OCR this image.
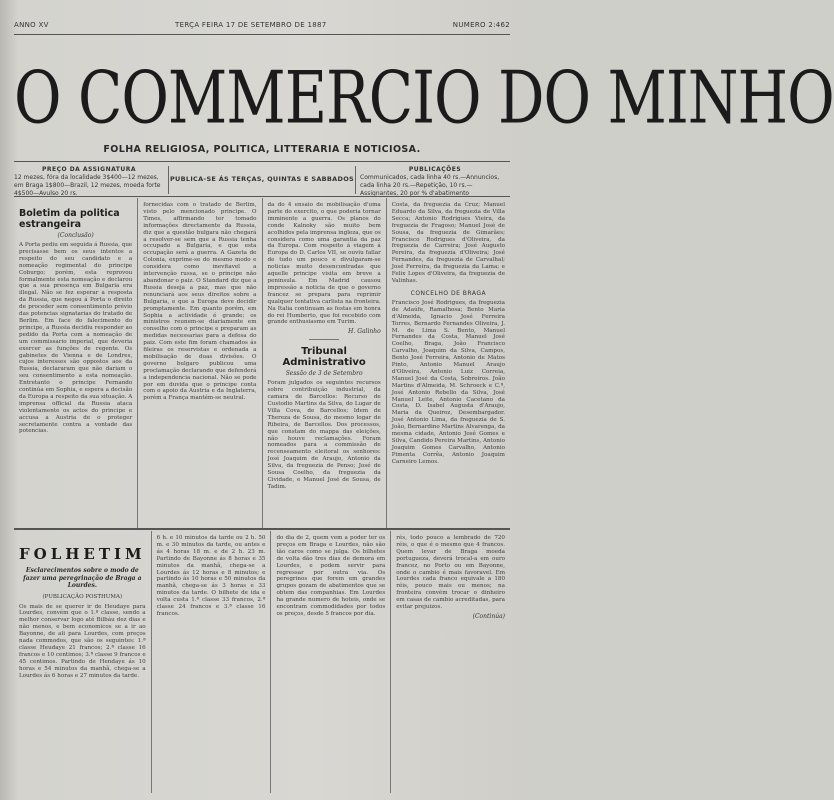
ANNO XV	TERÇA FEIRA 17 DE SETEMBRO DE 1887	NUMERO 2:462
O COMMERCIO DO MINHO
FOLHA RELIGIOSA, POLITICA, LITTERARIA E NOTICIOSA.
PREÇO DA ASSIGNATURA
12 mezes, fóra da localidade 3$400—12 mezes, em Braga 1$800—Brazil, 12 mezes, moeda forte 4$500—Avulso 20 rs.
PUBLICA-SE ÁS TERÇAS, QUINTAS E SABBADOS
PUBLICAÇÕES
Communicados, cada linha 40 rs.—Annuncios, cada linha 20 rs.—Repetição, 10 rs.—Assignantes, 20 por % d'abatimento
Boletim da politica estrangeira
(Conclusão)
A Porta pediu em seguida á Russia, que precisasse bem os seus intentos a respeito do seu candidato e a nomeação regimental do principe Coburgo; porém, esta reprovou formalmente esta nomeação e declarou que a sua presença em Bulgaria era illegal. Não se fez esperar a resposta da Russia, que negou á Porta o direito de proceder sem consentimento prévio das potencias signatarias do tratado de Berlim. Em face do falecimento do principe, a Russia decidiu responder ao pedido da Porta com a nomeação de um commissario imperial, que deveria exercer as funções de regente. Os gabinetes de Vienna e de Londres, cujos interesses são oppostos aos da Russia, declararam que não dariam o seu consentimento a esta nomeação. Entretanto o principe Fernando continúa em Sophia, e espera a decisão da Europa a respeito da sua situação. A imprensa official da Russia ataca violentamente os actos do principe e accusa a Austria de o proteger secretamente contra a vontade das potencias.
fornecidas com o tratado de Berlim, visto pelo mencionado principe. O Times, affirmando ter tomado informações directamente da Russia, diz que a questão bulgara não chegará a resolver-se sem que a Russia tenha occupado a Bulgaria, e que esta occupação será a guerra. A Gazeta de Colonia, exprime-se do mesmo modo e considera como inevitavel a intervenção russa, se o principe não abandonar o paiz. O Standard diz que a Russia deseja a paz, mas que não renunciará aos seus direitos sobre a Bulgaria, e que a Europa deve decidir promptamente. Em quanto porém, em Sophia a actividade é grande; os ministros reunem-se diariamente em conselho com o principe e preparam as medidas necessarias para a defesa do paiz. Com este fim foram chamados ás fileiras os reservistas e ordenada a mobilisação de duas divisões. O governo bulgaro publicou uma proclamação declarando que defenderá a independencia nacional. Não se pode por em duvida que o principe conta com o apoio da Austria e da Inglaterra, porém a França mantém-se neutral.
da do 4 ensaio de mobilisação d'uma parte do exercito, o que poderia tornar imminente a guerra. Os planos do conde Kalnoky são muito bem acolhidos pela imprensa ingleza, que os considera como uma garantia da paz da Europa. Com respeito á viagem á Europa do D. Carlos VII, se ouviu fallar de tudo um pouco e divulgaram-se noticias muito desencontradas que aquelle principe visita em breve a peninsula. Em Madrid causou impressão a noticia de que o governo francez se prepara para reprimir qualquer tentativa carlista na fronteira. Na Italia continuam as festas em honra do rei Humberto, que foi recebido com grande enthusiasmo em Turim.
H. Galinho
Tribunal Administrativo
Sessão de 3 de Setembro
Foram julgados os seguintes recursos sobre contribuição industrial, da camara de Barcellos: Recurso de Custodio Martins da Silva, do Lugar de Villa Cova, de Barcellos; Idem de Thereza de Sousa, do mesmo logar de Ribeira, de Barcellos. Dos processos, que constam do mappa das eleições, não houve reclamações. Foram nomeados para a commissão de recenseamento eleitoral os senhores: José Joaquim de Araujo, Antonio da Silva, da freguezia de Penso; José de Sousa Coelho, da freguezia da Cividade, e Manuel José de Sousa, de Tadim.
Costa, da freguezia da Cruz; Manuel Eduardo da Silva, da freguezia de Villa Secca; Antonio Rodrigues Vieira, da freguezia de Fragoso; Manuel José de Sousa, da freguezia de Gimarães; Francisco Rodrigues d'Oliveira, da freguezia de Carreira; José Augusto Pereira, da freguezia d'Oliveira; José Fernandes, da freguezia de Carvalhal; José Ferreira, da freguezia da Lama; e Felix Lopes d'Oliveira, da freguezia de Valinhas.
CONCELHO DE BRAGA
Francisco José Rodrigues, da freguezia de Adaúfe, Ramalhosa; Bento Maria d'Almeida, Ignacio José Ferreira Torres, Bernardo Fernandes Oliveira, J. M. de Lima S. Bento, Manuel Fernandes da Costa, Manuel José Coelho, Braga, João Francisco Carvalho, Joaquim da Silva, Campos, Bento José Ferreira, Antonio de Matos Pinto, Antonio Manuel Araujo d'Oliveira, Antonio Luiz Correia, Manuel José da Costa, Sobreiros. João Martins d'Almeida, M. Schroeck e C.ª, José Antonio Rebello da Silva, José Manuel Leite, Antonio Cacetano da Costa, D. Isabel Augusta d'Araujo, Maria da Queiroz, Desembargador. José Antonio Lima, da freguezia de S. João, Bernardino Martins Alvarenga, da mesma cidade, Antonio José Gomes e Silva, Candido Pereira Martins, Antonio Joaquim Gomes Carvalho, Antonio Pimenta Corrêa, Antonio Joaquim Carneiro Lemos.
FOLHETIM
Esclarecimentos sobre o modo de fazer uma peregrinação de Braga a Lourdes.
(PUBLICAÇÃO POSTHUMA)
Os mais de se querer ir de Heudaye para Lourdes, convém que o 1.º classe, sendo a melhor conservar logo até Bilbáu dez dias e não menos, e bem economicos se a ir ao Bayonne, de ali para Lourdes, com preços nada commodos, que são os seguintes: 1.ª classe Heudaye 21 francos; 2.ª classe 16 francos e 10 centimos; 3.ª classe 9 francos e 45 centimos. Partindo de Hendaye ás 10 horas e 54 minutos da manhã, chega-se a Lourdes ás 6 horas e 27 minutos da tarde.
6 h. e 10 minutos da tarde ou 2 h. 50 m. e 30 minutos da tarde, ou antes e ás 4 horas 18 m. e de 2 h. 23 m. Partindo de Bayonne ás 8 horas e 35 minutos da manhã, chega-se a Lourdes ás 12 horas e 8 minutos; e partindo ás 10 horas e 50 minutos da manhã, chega-se ás 3 horas e 33 minutos da tarde. O bilhete de ida e volta custa 1.ª classe 33 francos, 2.ª classe 24 francos e 3.ª classe 16 francos.
do dia de 2, quem vem a poder ter os preços em Braga e Lourdes, não são tão caros como se julga. Os bilhetes de volta dão tres dias de demora em Lourdes, e podem servir para regressar por outra via. Os peregrinos que forem em grandes grupos gozam de abatimentos que se obtem das companhias. Em Lourdes ha grande numero de hoteis, onde se encontram commodidades por todos os preços, desde 5 francos por dia.
rés, todo pouco a lembrado de 720 réis, o que é o mesmo que 4 francos. Quem levar de Braga moeda portugueza, deverá trocal-a em ouro francez, no Porto ou em Bayonne, onde o cambio é mais favoravel. Em Lourdes cada franco equivale a 180 réis, pouco mais ou menos; na fronteira convém trocar o dinheiro em casas de cambio acreditadas, para evitar prejuizos.
(Continúa)
